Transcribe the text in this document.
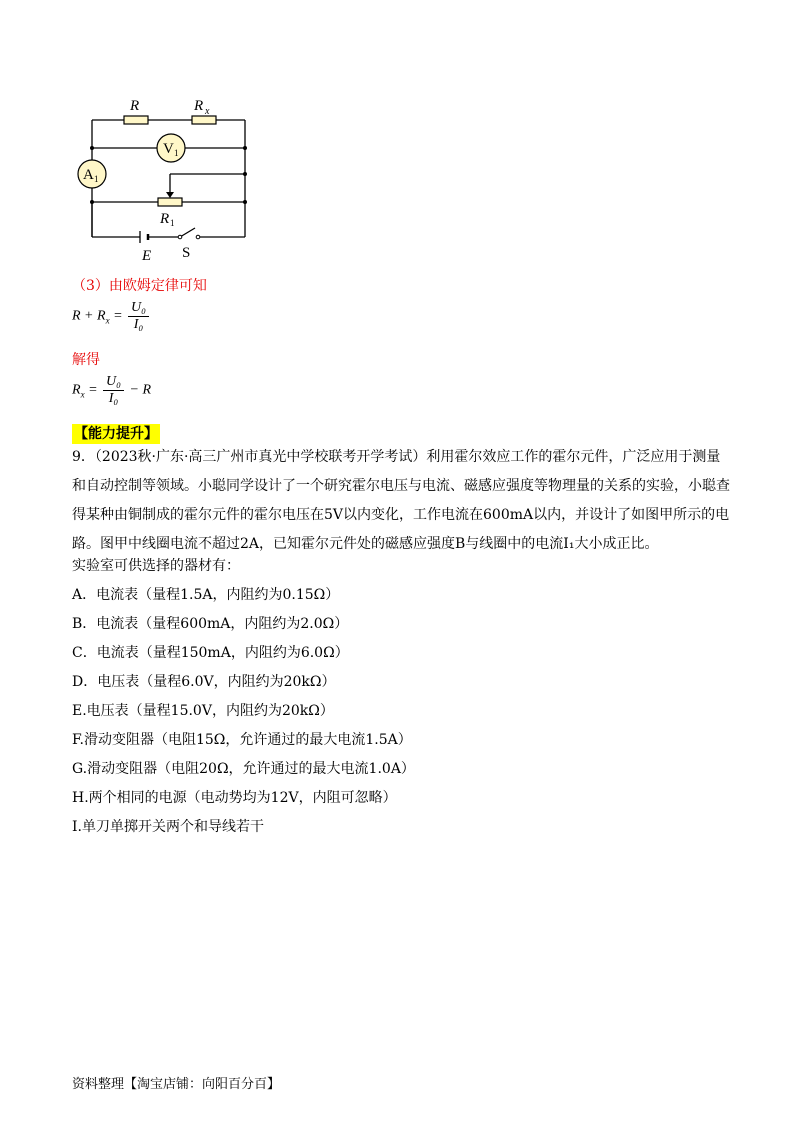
R	R x
V 1
A 1
R 1
E S
（3）由欧姆定律可知
$R + R_x = \frac{\text{U₀}}{\text{I₀}}$
解得
$R_x = \frac{\text{U₀}}{\text{I₀}} - R$
【能力提升】
9．（2023秋·广东·高三广州市真光中学校联考开学考试）利用霍尔效应工作的霍尔元件，广泛应用于测量和自动控制等领域。小聪同学设计了一个研究霍尔电压与电流、磁感应强度等物理量的关系的实验，小聪查得某种由铜制成的霍尔元件的霍尔电压在5V以内变化，工作电流在600mA以内，并设计了如图甲所示的电路。图甲中线圈电流不超过2A，已知霍尔元件处的磁感应强度B与线圈中的电流I₁大小成正比。
实验室可供选择的器材有：
A．电流表（量程1.5A，内阻约为0.15Ω）
B．电流表（量程600mA，内阻约为2.0Ω）
C．电流表（量程150mA，内阻约为6.0Ω）
D．电压表（量程6.0V，内阻约为20kΩ）
E.电压表（量程15.0V，内阻约为20kΩ）
F.滑动变阻器（电阻15Ω，允许通过的最大电流1.5A）
G.滑动变阻器（电阻20Ω，允许通过的最大电流1.0A）
H.两个相同的电源（电动势均为12V，内阻可忽略）
I.单刀单掷开关两个和导线若干
资料整理【淘宝店铺：向阳百分百】
